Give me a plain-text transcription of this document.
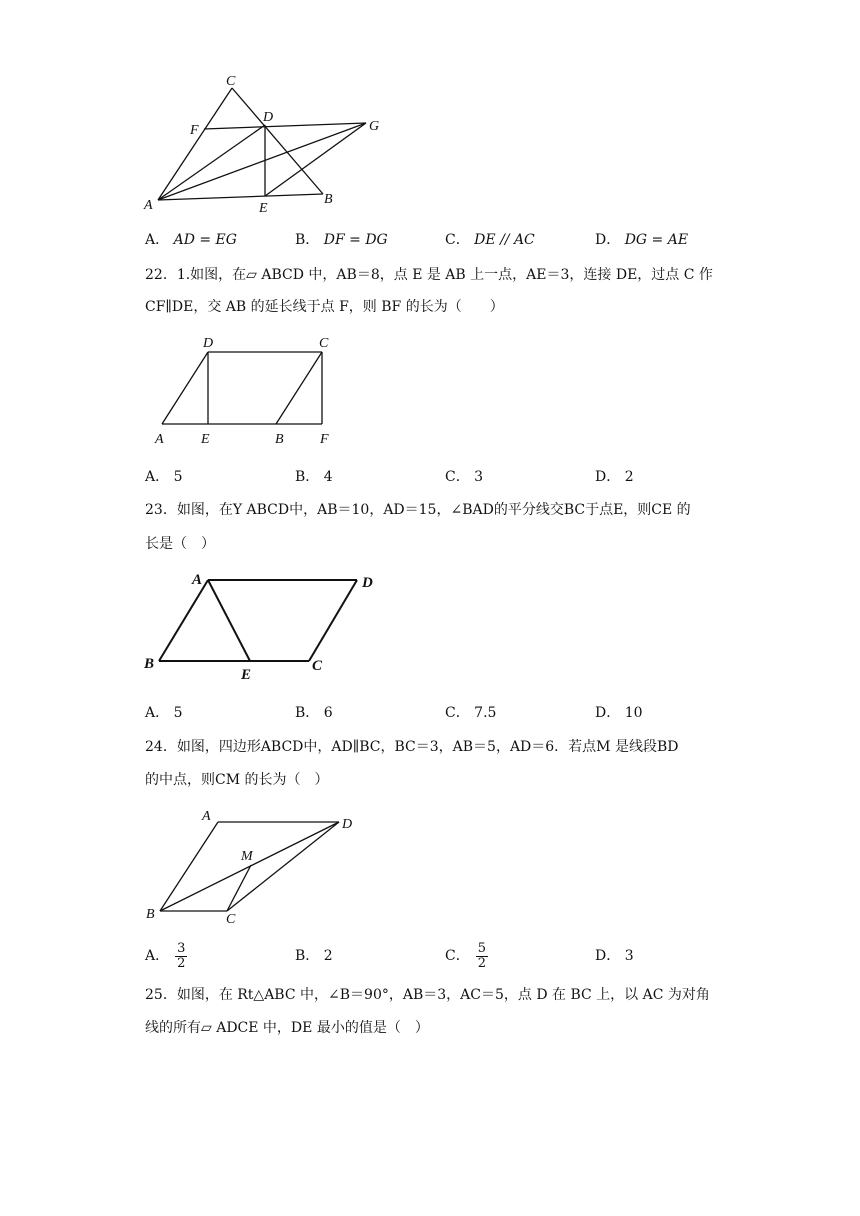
C
F
D
G
A	E
B
A． AD = EG	B． DF = DG	C． DE // AC	D． DG = AE
22．1.如图，在▱ ABCD 中，AB＝8，点 E 是 AB 上一点，AE＝3，连接 DE，过点 C 作
CF∥DE，交 AB 的延长线于点 F，则 BF 的长为（　　）
D	C
A	E	B	F
A． 5	B． 4	C． 3	D． 2
23．如图，在Y ABCD中，AB＝10，AD＝15，∠BAD的平分线交BC于点E，则CE 的
长是（　）
A	D
B
E
C
A． 5	B． 6	C． 7.5	D． 10
24．如图，四边形ABCD中，AD∥BC，BC＝3，AB＝5，AD＝6．若点M 是线段BD
的中点，则CM 的长为（　）
A
D
M
B	C
A． $\frac{3}{2}$	B． 2	C． $\frac{5}{2}$	D． 3
25．如图，在 Rt△ABC 中，∠B＝90°，AB＝3，AC＝5，点 D 在 BC 上，以 AC 为对角
线的所有▱ ADCE 中，DE 最小的值是（　）
